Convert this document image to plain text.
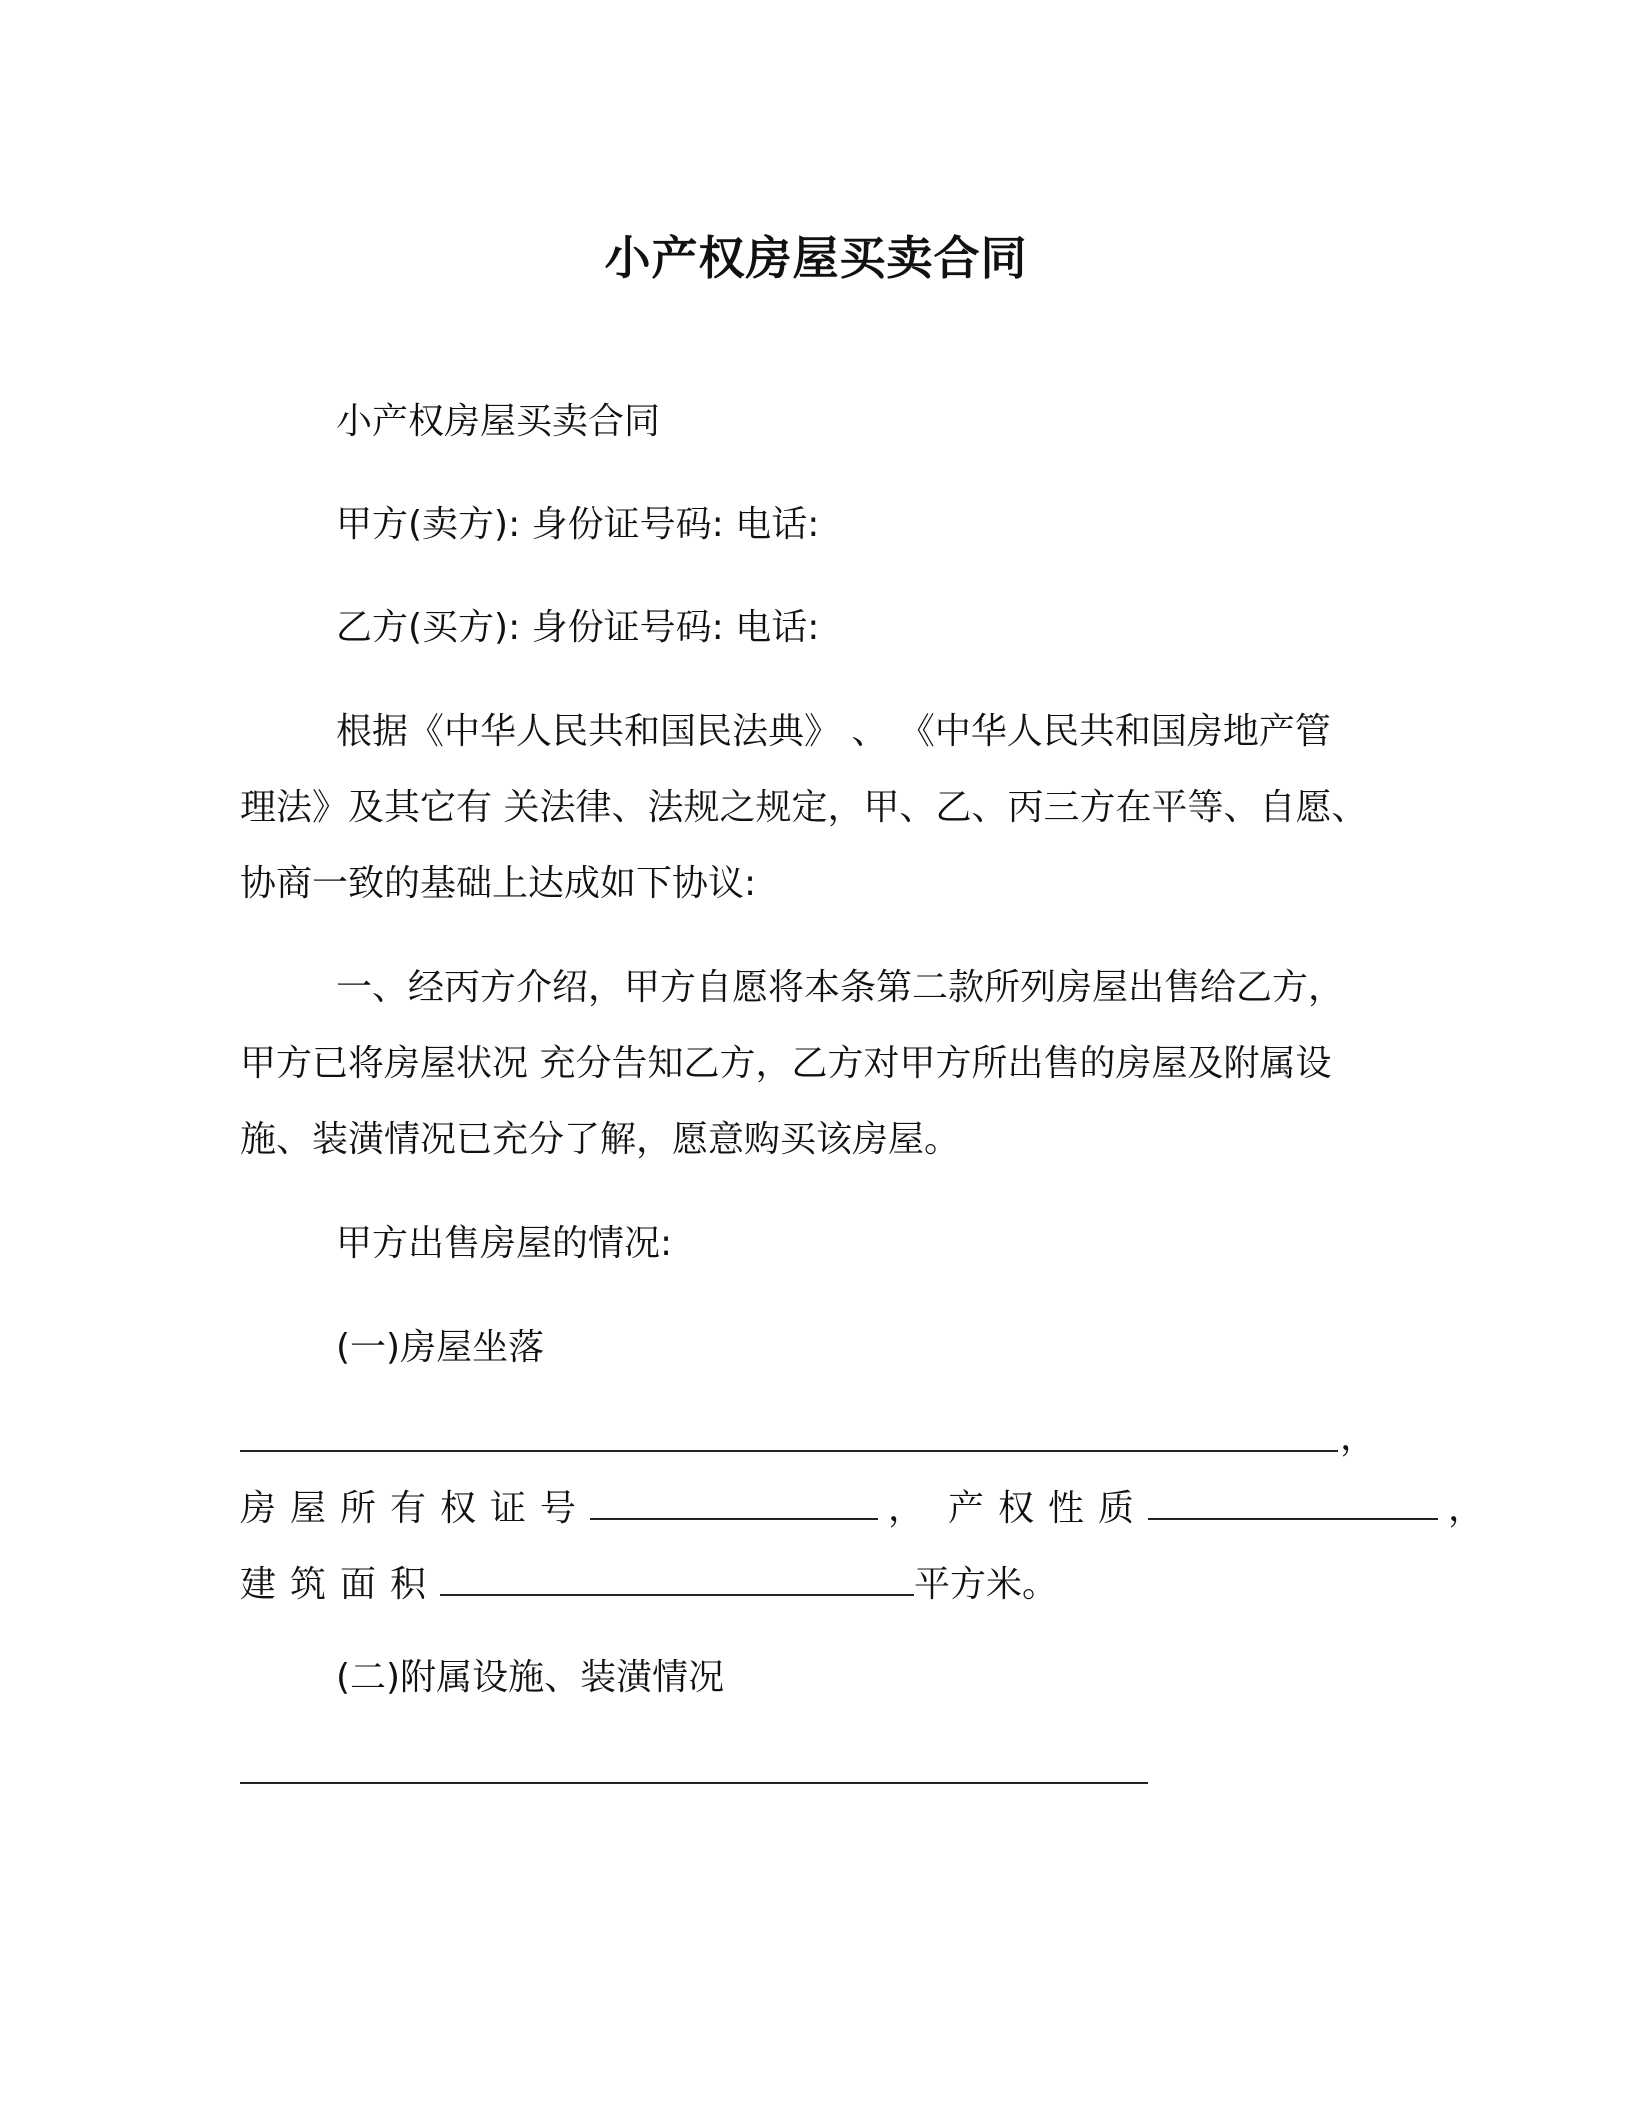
小产权房屋买卖合同
小产权房屋买卖合同
甲方(卖方): 身份证号码: 电话:
乙方(买方): 身份证号码: 电话:
根据《中华人民共和国民法典》 、 《中华人民共和国房地产管
理法》及其它有 关法律、法规之规定，甲、乙、丙三方在平等、自愿、
协商一致的基础上达成如下协议:
一、经丙方介绍，甲方自愿将本条第二款所列房屋出售给乙方，
甲方已将房屋状况 充分告知乙方，乙方对甲方所出售的房屋及附属设
施、装潢情况已充分了解，愿意购买该房屋。
甲方出售房屋的情况:
(一)房屋坐落
，
房屋所有权证号	， 产权性质	，
建筑面积	平方米。
(二)附属设施、装潢情况
